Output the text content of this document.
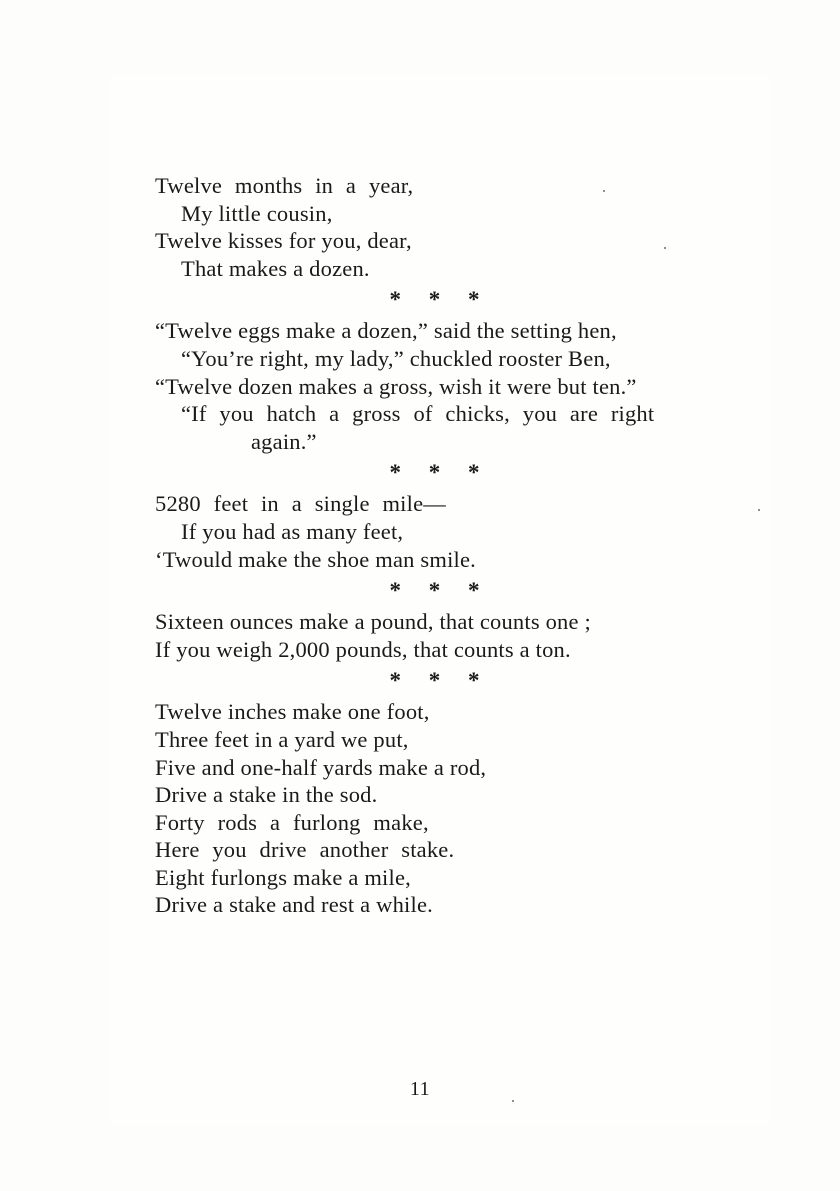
Twelve months in a year,
My little cousin,
Twelve kisses for you, dear,
That makes a dozen.
* * *
“Twelve eggs make a dozen,” said the setting hen,
“You’re right, my lady,” chuckled rooster Ben,
“Twelve dozen makes a gross, wish it were but ten.”
“If you hatch a gross of chicks, you are right
again.”
* * *
5280 feet in a single mile—
If you had as many feet,
‘Twould make the shoe man smile.
* * *
Sixteen ounces make a pound, that counts one ;
If you weigh 2,000 pounds, that counts a ton.
* * *
Twelve inches make one foot,
Three feet in a yard we put,
Five and one-half yards make a rod,
Drive a stake in the sod.
Forty rods a furlong make,
Here you drive another stake.
Eight furlongs make a mile,
Drive a stake and rest a while.
11
